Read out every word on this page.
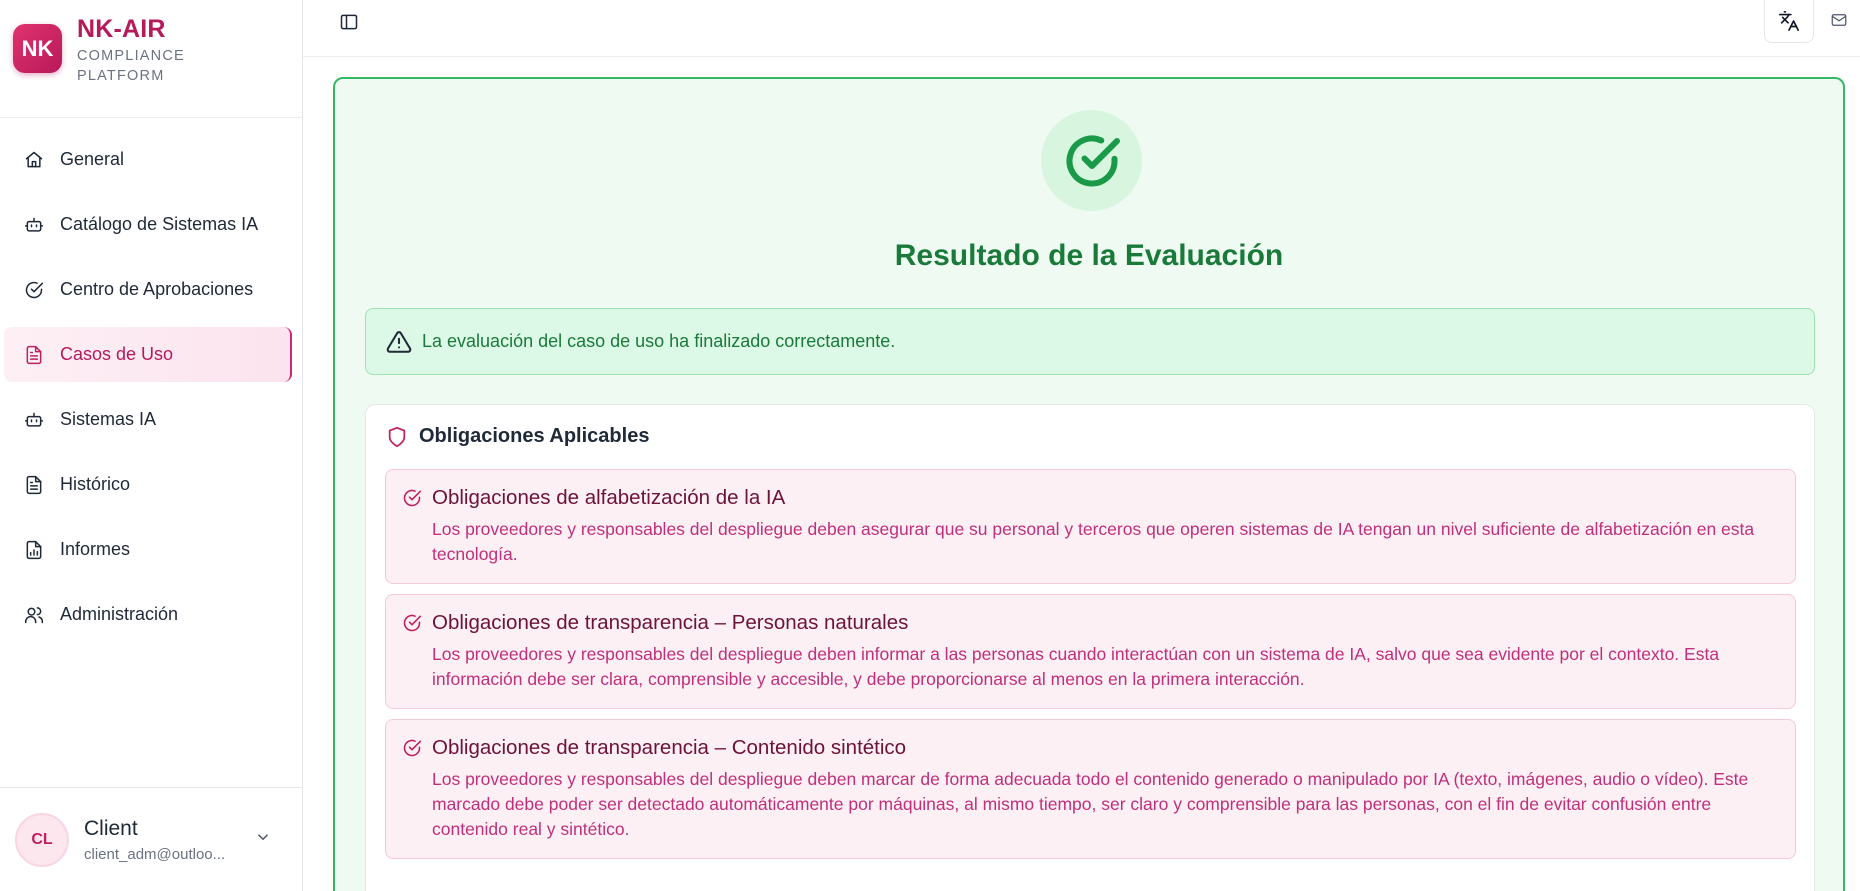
NK
NK-AIR
COMPLIANCE PLATFORM
General
Catálogo de Sistemas IA
Centro de Aprobaciones
Casos de Uso
Sistemas IA
Histórico
Informes
Administración
CL	Client
client_adm@outloo...
Resultado de la Evaluación
La evaluación del caso de uso ha finalizado correctamente.
Obligaciones Aplicables
Obligaciones de alfabetización de la IA
Los proveedores y responsables del despliegue deben asegurar que su personal y terceros que operen sistemas de IA tengan un nivel suficiente de alfabetización en esta tecnología.
Obligaciones de transparencia – Personas naturales
Los proveedores y responsables del despliegue deben informar a las personas cuando interactúan con un sistema de IA, salvo que sea evidente por el contexto. Esta información debe ser clara, comprensible y accesible, y debe proporcionarse al menos en la primera interacción.
Obligaciones de transparencia – Contenido sintético
Los proveedores y responsables del despliegue deben marcar de forma adecuada todo el contenido generado o manipulado por IA (texto, imágenes, audio o vídeo). Este marcado debe poder ser detectado automáticamente por máquinas, al mismo tiempo, ser claro y comprensible para las personas, con el fin de evitar confusión entre contenido real y sintético.
